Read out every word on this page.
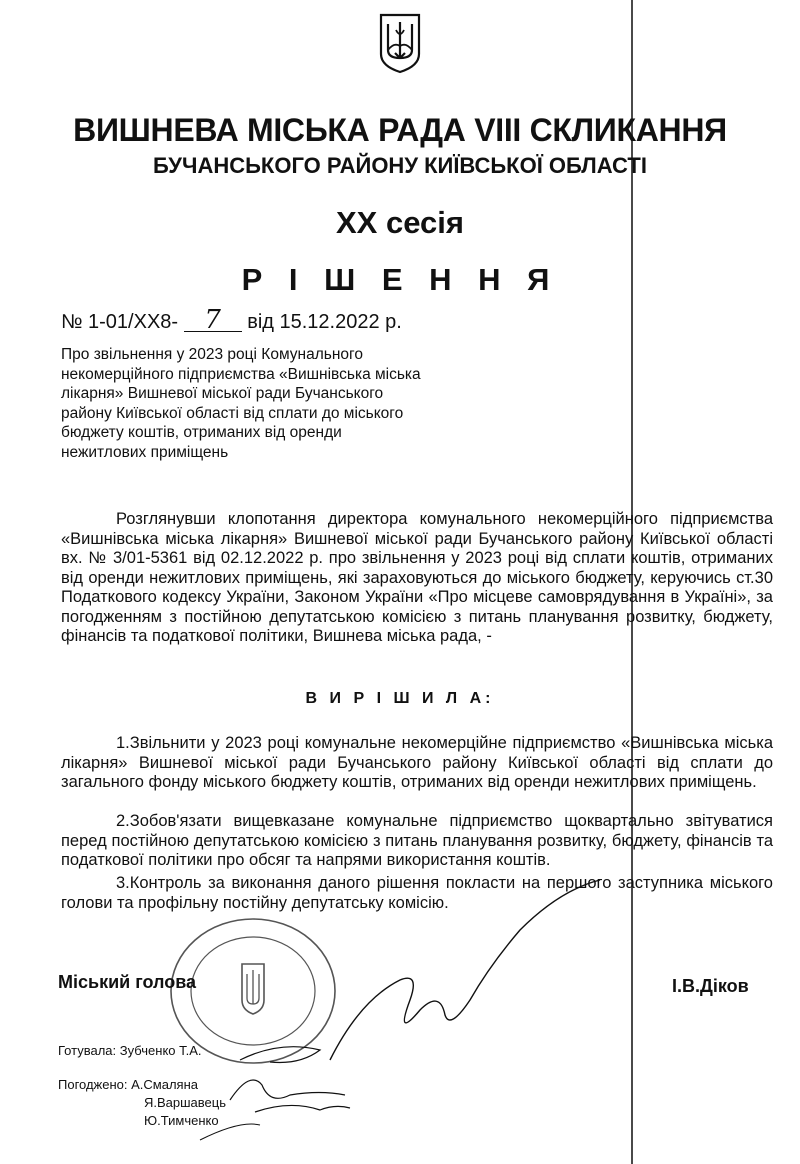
ВИШНЕВА МІСЬКА РАДА VIII СКЛИКАННЯ
БУЧАНСЬКОГО РАЙОНУ КИЇВСЬКОЇ ОБЛАСТІ
XX сесія
Р І Ш Е Н Н Я
№ 1-01/XX8- 7 від 15.12.2022 р.
Про звільнення у 2023 році Комунального некомерційного підприємства «Вишнівська міська лікарня» Вишневої міської ради Бучанського району Київської області від сплати до міського бюджету коштів, отриманих від оренди нежитлових приміщень
Розглянувши клопотання директора комунального некомерційного підприємства «Вишнівська міська лікарня» Вишневої міської ради Бучанського району Київської області вх. № 3/01-5361 від 02.12.2022 р. про звільнення у 2023 році від сплати коштів, отриманих від оренди нежитлових приміщень, які зараховуються до міського бюджету, керуючись ст.30 Податкового кодексу України, Законом України «Про місцеве самоврядування в Україні», за погодженням з постійною депутатською комісією з питань планування розвитку, бюджету, фінансів та податкової політики, Вишнева міська рада, -
В И Р І Ш И Л А:
1.Звільнити у 2023 році комунальне некомерційне підприємство «Вишнівська міська лікарня» Вишневої міської ради Бучанського району Київської області від сплати до загального фонду міського бюджету коштів, отриманих від оренди нежитлових приміщень.
2.Зобов'язати вищевказане комунальне підприємство щоквартально звітуватися перед постійною депутатською комісією з питань планування розвитку, бюджету, фінансів та податкової політики про обсяг та напрями використання коштів.
3.Контроль за виконання даного рішення покласти на першого заступника міського голови та профільну постійну депутатську комісію.
Міський голова	І.В.Діков
Готувала: Зубченко Т.А.
Погоджено: А.Смаляна
Я.Варшавець
Ю.Тимченко
